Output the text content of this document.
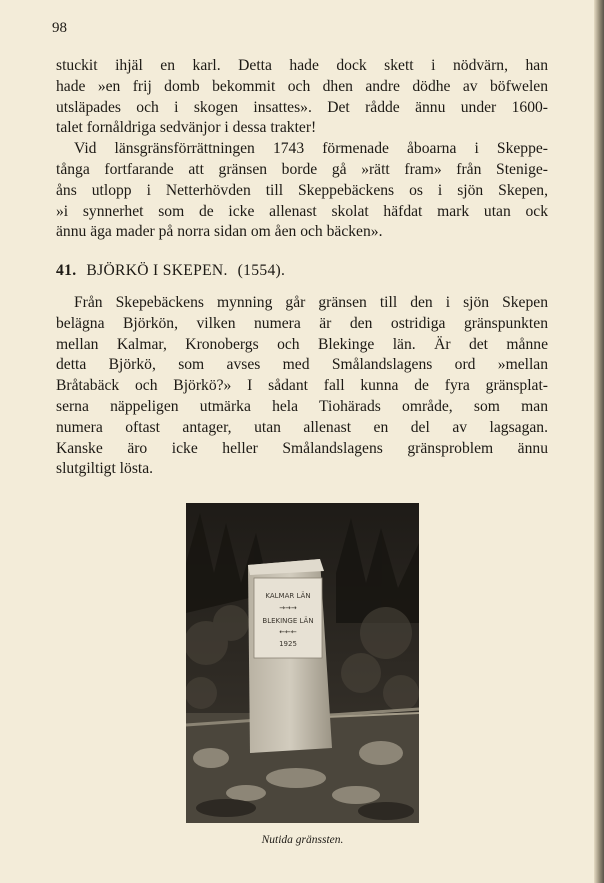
98
stuckit ihjäl en karl. Detta hade dock skett i nödvärn, han
hade »en frij domb bekommit och dhen andre dödhe av böfwelen
utsläpades och i skogen insattes». Det rådde ännu under 1600-
talet fornåldriga sedvänjor i dessa trakter!
Vid länsgränsförrättningen 1743 förmenade åboarna i Skeppe-
tånga fortfarande att gränsen borde gå »rätt fram» från Stenige-
åns utlopp i Netterhövden till Skeppebäckens os i sjön Skepen,
»i synnerhet som de icke allenast skolat häfdat mark utan ock
ännu äga mader på norra sidan om åen och bäcken».
41. BJÖRKÖ I SKEPEN. (1554).
Från Skepebäckens mynning går gränsen till den i sjön Skepen
belägna Björkön, vilken numera är den ostridiga gränspunkten
mellan Kalmar, Kronobergs och Blekinge län. Är det månne
detta Björkö, som avses med Smålandslagens ord »mellan
Bråtabäck och Björkö?» I sådant fall kunna de fyra gränsplat-
serna näppeligen utmärka hela Tiohärads område, som man
numera oftast antager, utan allenast en del av lagsagan.
Kanske äro icke heller Smålandslagens gränsproblem ännu
slutgiltigt lösta.
KALMAR LÄN
→→→
BLEKINGE LÄN
←←←
1925
Nutida gränssten.
